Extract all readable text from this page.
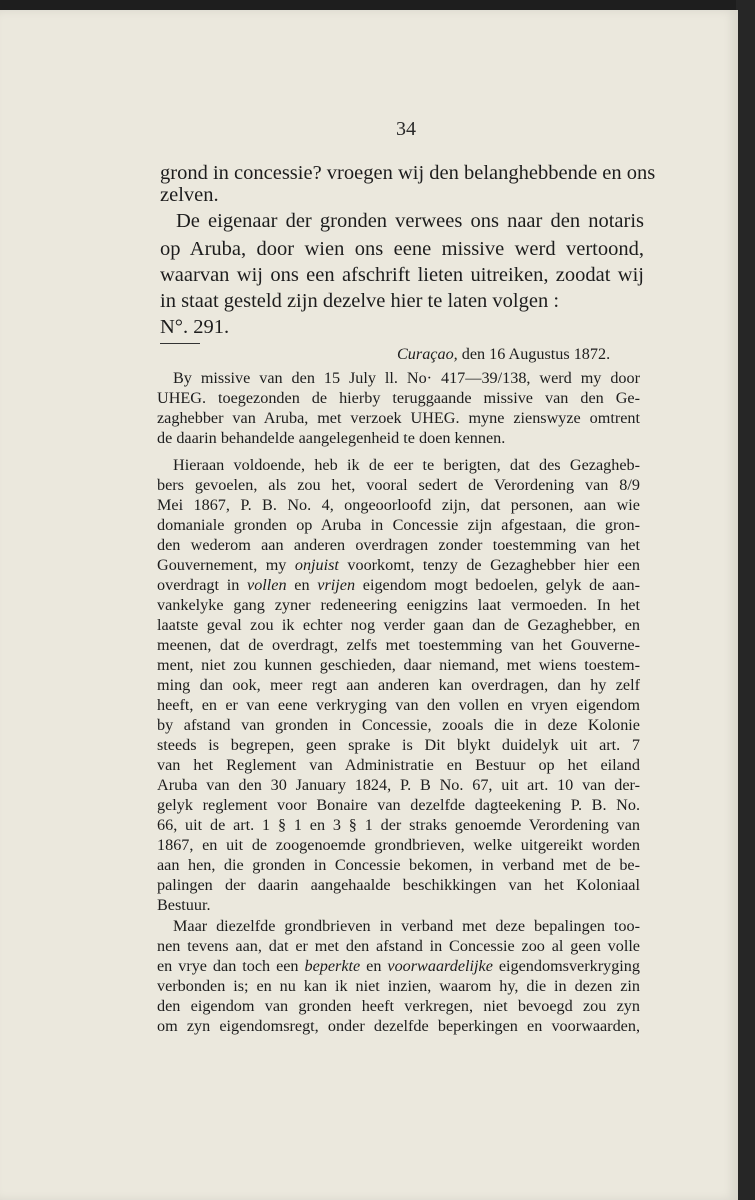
34

grond in concessie? vroegen wij den belanghebbende en ons

zelven.

De eigenaar der gronden verwees ons naar den notaris

op Aruba, door wien ons eene missive werd vertoond,

waarvan wij ons een afschrift lieten uitreiken, zoodat wij

in staat gesteld zijn dezelve hier te laten volgen :

N°. 291.

Curaçao, den 16 Augustus 1872.

By missive van den 15 July ll. No· 417—39/138, werd my door

UHEG. toegezonden de hierby teruggaande missive van den Ge-

zaghebber van Aruba, met verzoek UHEG. myne zienswyze omtrent

de daarin behandelde aangelegenheid te doen kennen.

Hieraan voldoende, heb ik de eer te berigten, dat des Gezagheb-

bers gevoelen, als zou het, vooral sedert de Verordening van 8/9

Mei 1867, P. B. No. 4, ongeoorloofd zijn, dat personen, aan wie

domaniale gronden op Aruba in Concessie zijn afgestaan, die gron-

den wederom aan anderen overdragen zonder toestemming van het

Gouvernement, my onjuist voorkomt, tenzy de Gezaghebber hier een

overdragt in vollen en vrijen eigendom mogt bedoelen, gelyk de aan-

vankelyke gang zyner redeneering eenigzins laat vermoeden. In het

laatste geval zou ik echter nog verder gaan dan de Gezaghebber, en

meenen, dat de overdragt, zelfs met toestemming van het Gouverne-

ment, niet zou kunnen geschieden, daar niemand, met wiens toestem-

ming dan ook, meer regt aan anderen kan overdragen, dan hy zelf

heeft, en er van eene verkryging van den vollen en vryen eigendom

by afstand van gronden in Concessie, zooals die in deze Kolonie

steeds is begrepen, geen sprake is Dit blykt duidelyk uit art. 7

van het Reglement van Administratie en Bestuur op het eiland

Aruba van den 30 January 1824, P. B No. 67, uit art. 10 van der-

gelyk reglement voor Bonaire van dezelfde dagteekening P. B. No.

66, uit de art. 1 § 1 en 3 § 1 der straks genoemde Verordening van

1867, en uit de zoogenoemde grondbrieven, welke uitgereikt worden

aan hen, die gronden in Concessie bekomen, in verband met de be-

palingen der daarin aangehaalde beschikkingen van het Koloniaal

Bestuur.

Maar diezelfde grondbrieven in verband met deze bepalingen too-

nen tevens aan, dat er met den afstand in Concessie zoo al geen volle

en vrye dan toch een beperkte en voorwaardelijke eigendomsverkryging

verbonden is; en nu kan ik niet inzien, waarom hy, die in dezen zin

den eigendom van gronden heeft verkregen, niet bevoegd zou zyn

om zyn eigendomsregt, onder dezelfde beperkingen en voorwaarden,
